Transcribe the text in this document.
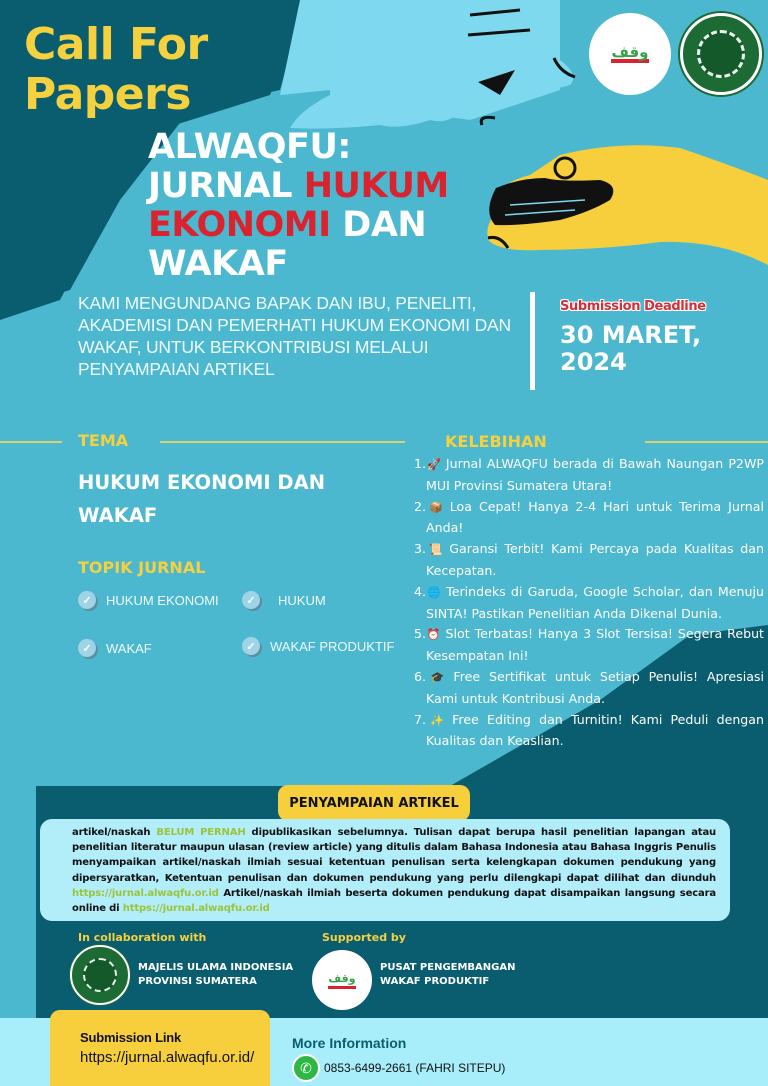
Call For
Papers
ALWAQFU:
JURNAL HUKUM
EKONOMI DAN
WAKAF
ﻭﻗﻒ
KAMI MENGUNDANG BAPAK DAN IBU, PENELITI, AKADEMISI DAN PEMERHATI HUKUM EKONOMI DAN WAKAF, UNTUK BERKONTRIBUSI MELALUI PENYAMPAIAN ARTIKEL
Submission Deadline
30 MARET,
2024
TEMA
HUKUM EKONOMI DAN WAKAF
TOPIK JURNAL
✓	HUKUM EKONOMI	✓	HUKUM
✓	WAKAF	✓	WAKAF PRODUKTIF
KELEBIHAN
1.🚀 Jurnal ALWAQFU berada di Bawah Naungan P2WP MUI Provinsi Sumatera Utara!
2.📦 Loa Cepat! Hanya 2-4 Hari untuk Terima Jurnal Anda!
3.📜 Garansi Terbit! Kami Percaya pada Kualitas dan Kecepatan.
4.🌐 Terindeks di Garuda, Google Scholar, dan Menuju SINTA! Pastikan Penelitian Anda Dikenal Dunia.
5.⏰ Slot Terbatas! Hanya 3 Slot Tersisa! Segera Rebut Kesempatan Ini!
6.🎓 Free Sertifikat untuk Setiap Penulis! Apresiasi Kami untuk Kontribusi Anda.
7.✨ Free Editing dan Turnitin! Kami Peduli dengan Kualitas dan Keaslian.
PENYAMPAIAN ARTIKEL

artikel/naskah BELUM PERNAH dipublikasikan sebelumnya. Tulisan dapat berupa hasil penelitian lapangan atau penelitian literatur maupun ulasan (review article) yang ditulis dalam Bahasa Indonesia atau Bahasa Inggris Penulis menyampaikan artikel/naskah ilmiah sesuai ketentuan penulisan serta kelengkapan dokumen pendukung yang dipersyaratkan, Ketentuan penulisan dan dokumen pendukung yang perlu dilengkapi dapat dilihat dan diunduh https://jurnal.alwaqfu.or.id Artikel/naskah ilmiah beserta dokumen pendukung dapat disampaikan langsung secara online di https://jurnal.alwaqfu.or.id

In collaboration with
MAJELIS ULAMA INDONESIA
PROVINSI SUMATERA
Supported by
ﻭﻗﻒ
PUSAT PENGEMBANGAN
WAKAF PRODUKTIF
Submission Link
https://jurnal.alwaqfu.or.id/
More Information
✆	0853-6499-2661 (FAHRI SITEPU)
